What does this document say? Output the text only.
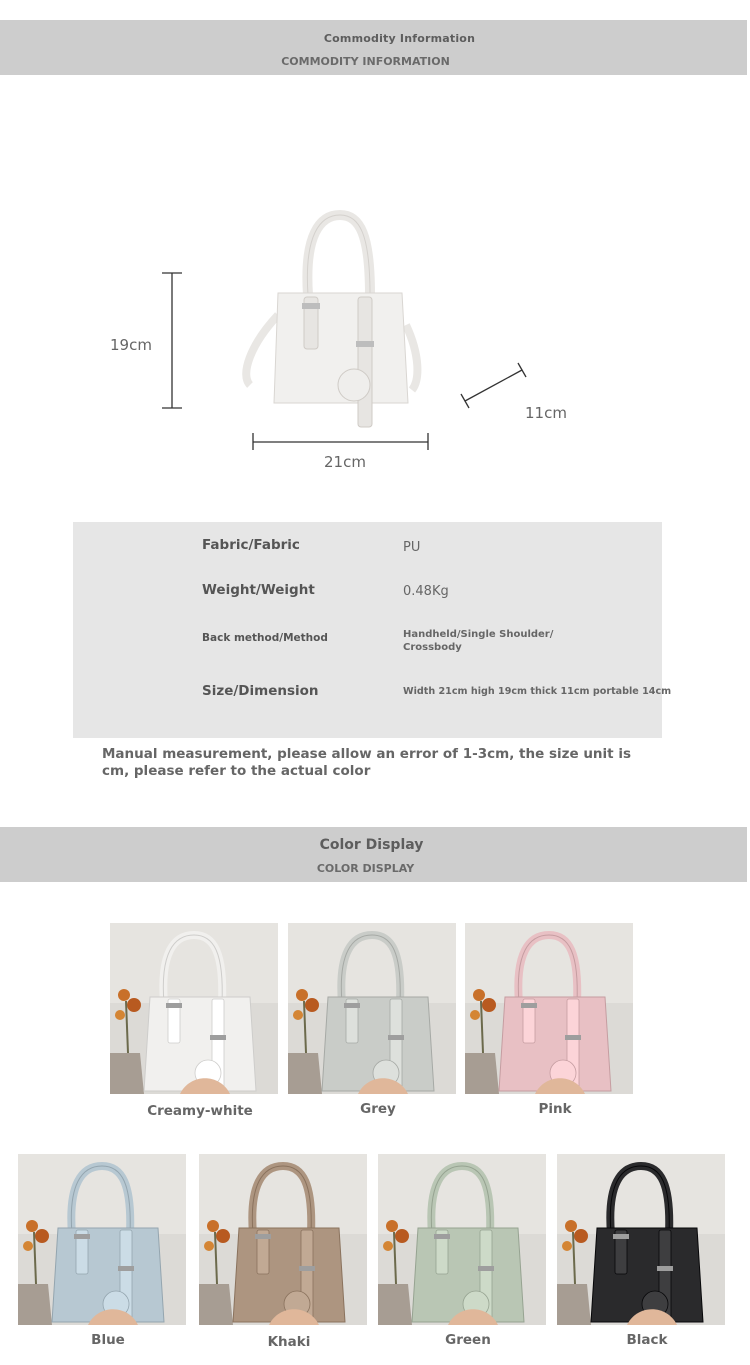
Commodity Information
COMMODITY INFORMATION
19cm
21cm
11cm
Fabric/Fabric	PU
Weight/Weight	0.48Kg
Back method/Method	Handheld/Single Shoulder/ Crossbody
Size/Dimension	Width 21cm high 19cm thick 11cm portable 14cm
Manual measurement, please allow an error of 1-3cm, the size unit is cm, please refer to the actual color
Color Display
COLOR DISPLAY
Creamy-white	Grey	Pink
Blue	Khaki	Green	Black
